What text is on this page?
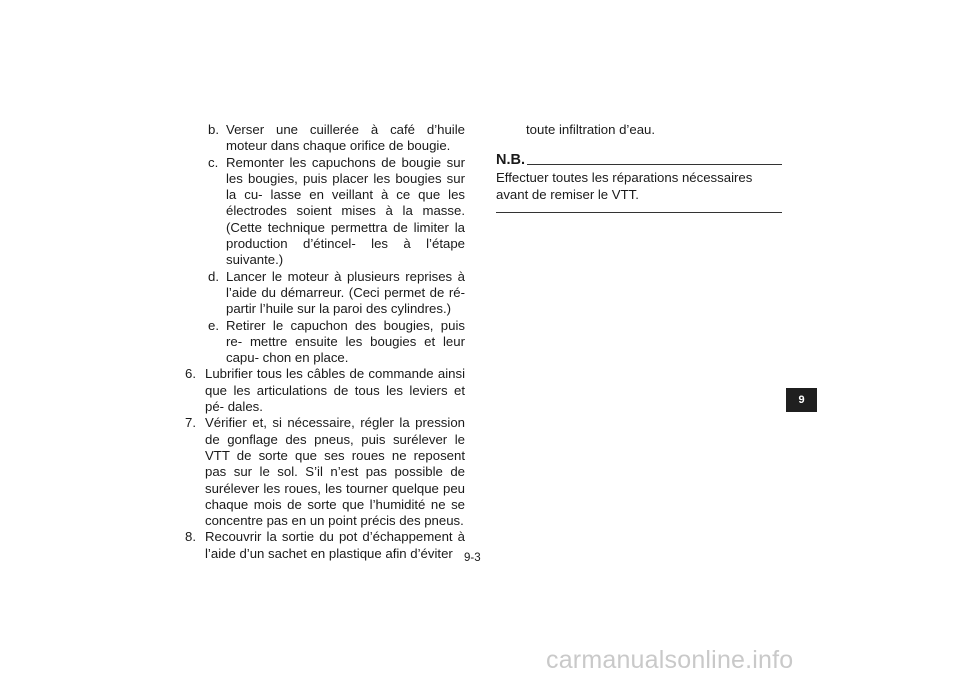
b. Verser une cuillerée à café d’huile moteur dans chaque orifice de bougie.
c. Remonter les capuchons de bougie sur les bougies, puis placer les bougies sur la cu- lasse en veillant à ce que les électrodes soient mises à la masse. (Cette technique permettra de limiter la production d’étincel- les à l’étape suivante.)
d. Lancer le moteur à plusieurs reprises à l’aide du démarreur. (Ceci permet de ré- partir l’huile sur la paroi des cylindres.)
e. Retirer le capuchon des bougies, puis re- mettre ensuite les bougies et leur capu- chon en place.
6. Lubrifier tous les câbles de commande ainsi que les articulations de tous les leviers et pé- dales.
7. Vérifier et, si nécessaire, régler la pression de gonflage des pneus, puis surélever le VTT de sorte que ses roues ne reposent pas sur le sol. S’il n’est pas possible de surélever les roues, les tourner quelque peu chaque mois de sorte que l’humidité ne se concentre pas en un point précis des pneus.
8. Recouvrir la sortie du pot d’échappement à l’aide d’un sachet en plastique afin d’éviter

toute infiltration d’eau.

N.B.
Effectuer toutes les réparations nécessaires avant de remiser le VTT.
9
9-3
carmanualsonline.info
